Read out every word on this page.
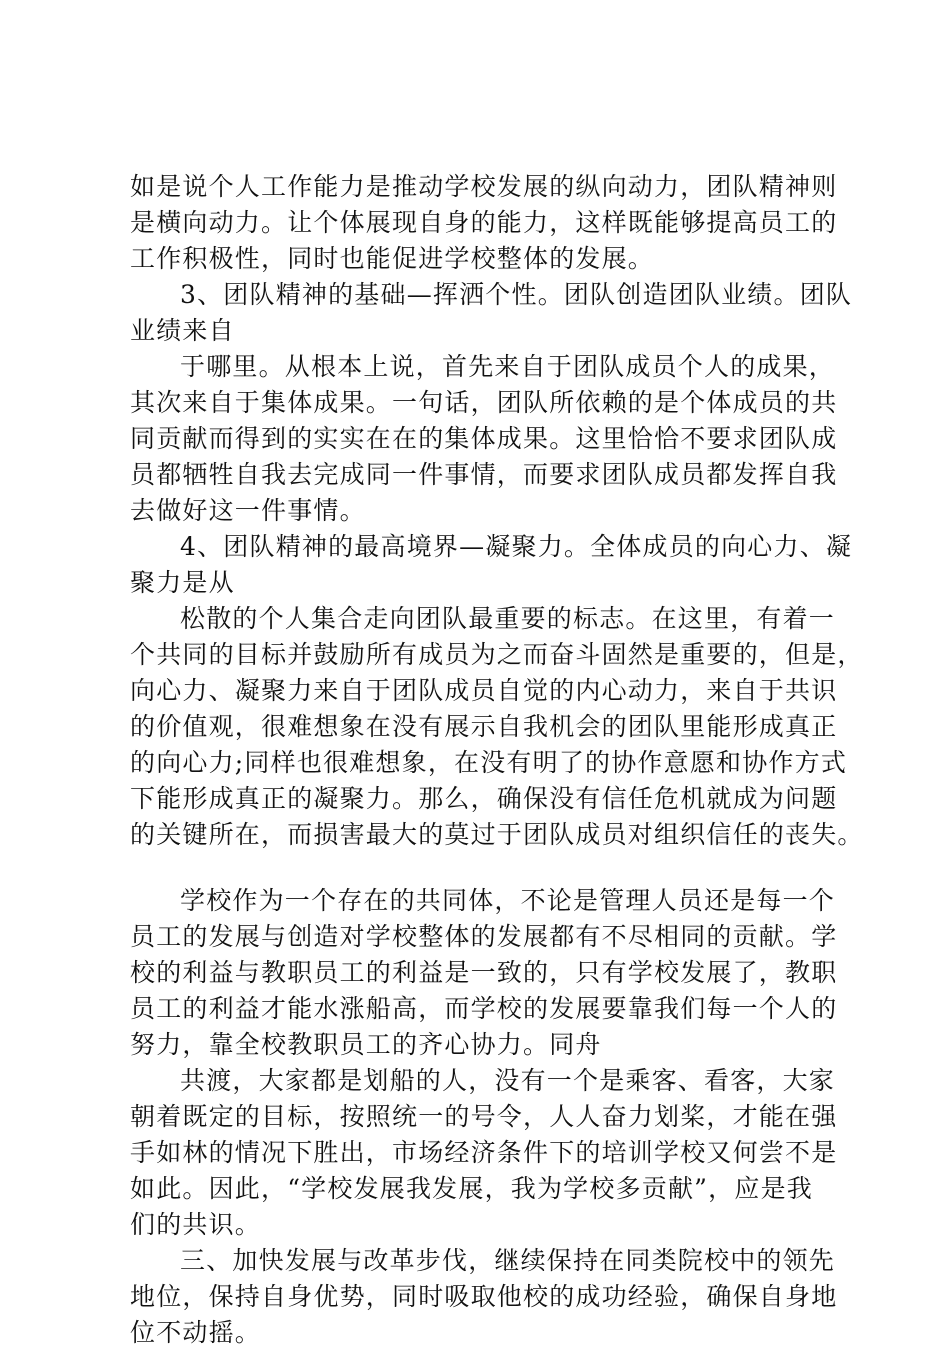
如是说个人工作能力是推动学校发展的纵向动力，团队精神则
是横向动力。让个体展现自身的能力，这样既能够提高员工的
工作积极性，同时也能促进学校整体的发展。
3、团队精神的基础—挥洒个性。团队创造团队业绩。团队
业绩来自
于哪里。从根本上说，首先来自于团队成员个人的成果，
其次来自于集体成果。一句话，团队所依赖的是个体成员的共
同贡献而得到的实实在在的集体成果。这里恰恰不要求团队成
员都牺牲自我去完成同一件事情，而要求团队成员都发挥自我
去做好这一件事情。
4、团队精神的最高境界—凝聚力。全体成员的向心力、凝
聚力是从
松散的个人集合走向团队最重要的标志。在这里，有着一
个共同的目标并鼓励所有成员为之而奋斗固然是重要的，但是，
向心力、凝聚力来自于团队成员自觉的内心动力，来自于共识
的价值观，很难想象在没有展示自我机会的团队里能形成真正
的向心力;同样也很难想象，在没有明了的协作意愿和协作方式
下能形成真正的凝聚力。那么，确保没有信任危机就成为问题
的关键所在，而损害最大的莫过于团队成员对组织信任的丧失。
学校作为一个存在的共同体，不论是管理人员还是每一个
员工的发展与创造对学校整体的发展都有不尽相同的贡献。学
校的利益与教职员工的利益是一致的，只有学校发展了，教职
员工的利益才能水涨船高，而学校的发展要靠我们每一个人的
努力，靠全校教职员工的齐心协力。同舟
共渡，大家都是划船的人，没有一个是乘客、看客，大家
朝着既定的目标，按照统一的号令，人人奋力划桨，才能在强
手如林的情况下胜出，市场经济条件下的培训学校又何尝不是
如此。因此，“学校发展我发展，我为学校多贡献”，应是我
们的共识。
三、加快发展与改革步伐，继续保持在同类院校中的领先
地位，保持自身优势，同时吸取他校的成功经验，确保自身地
位不动摇。
